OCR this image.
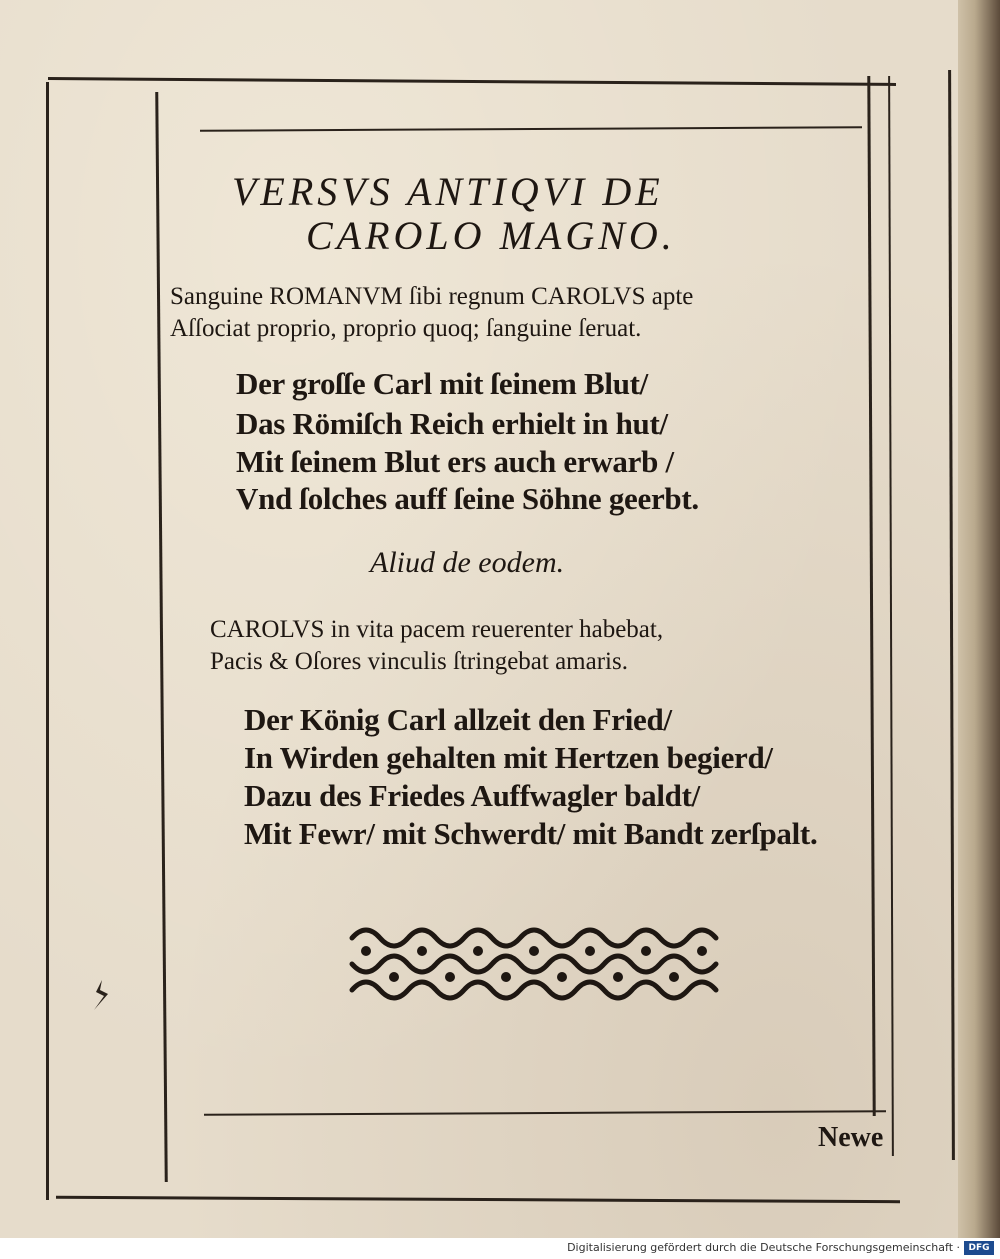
VERSVS ANTIQVI DE
CAROLO MAGNO.
Sanguine ROMANVM ſibi regnum CAROLVS apte
Aſſociat proprio, proprio quoq; ſanguine ſeruat.
Der groſſe Carl mit ſeinem Blut/
Das Römiſch Reich erhielt in hut/
Mit ſeinem Blut ers auch erwarb /
Vnd ſolches auff ſeine Söhne geerbt.
Aliud de eodem.
CAROLVS in vita pacem reuerenter habebat,
Pacis & Oſores vinculis ſtringebat amaris.
Der König Carl allzeit den Fried/
In Wirden gehalten mit Hertzen begierd/
Dazu des Friedes Auffwagler baldt/
Mit Fewr/ mit Schwerdt/ mit Bandt zerſpalt.
Newe
Digitalisierung gefördert durch die Deutsche Forschungsgemeinschaft · DFG
